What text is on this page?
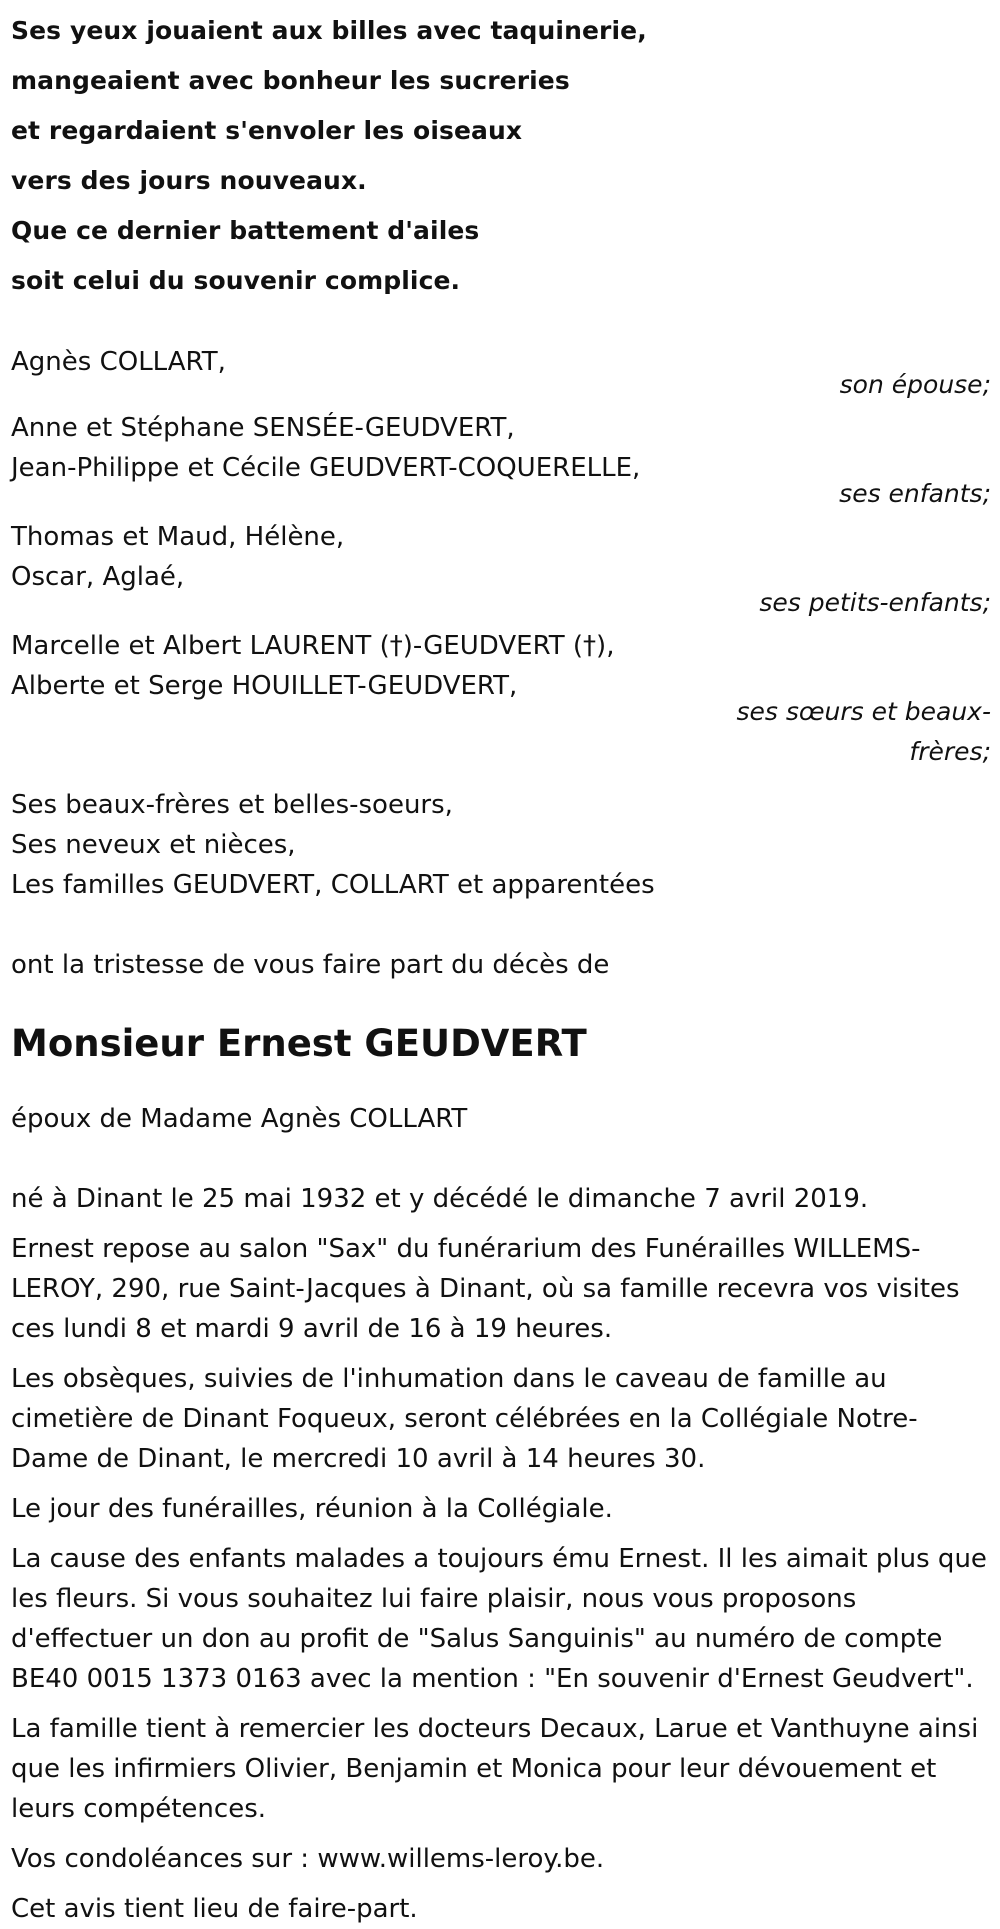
Ses yeux jouaient aux billes avec taquinerie,
mangeaient avec bonheur les sucreries
et regardaient s'envoler les oiseaux
vers des jours nouveaux.
Que ce dernier battement d'ailes
soit celui du souvenir complice.
Agnès COLLART,
son épouse;
Anne et Stéphane SENSÉE-GEUDVERT,
Jean-Philippe et Cécile GEUDVERT-COQUERELLE,
ses enfants;
Thomas et Maud, Hélène,
Oscar, Aglaé,
ses petits-enfants;
Marcelle et Albert LAURENT (†)-GEUDVERT (†),
Alberte et Serge HOUILLET-GEUDVERT,
ses sœurs et beaux-frères;
Ses beaux-frères et belles-soeurs,
Ses neveux et nièces,
Les familles GEUDVERT, COLLART et apparentées
ont la tristesse de vous faire part du décès de
Monsieur Ernest GEUDVERT
époux de Madame Agnès COLLART

né à Dinant le 25 mai 1932 et y décédé le dimanche 7 avril 2019.

Ernest repose au salon "Sax" du funérarium des Funérailles WILLEMS-LEROY, 290, rue Saint-Jacques à Dinant, où sa famille recevra vos visites ces lundi 8 et mardi 9 avril de 16 à 19 heures.

Les obsèques, suivies de l'inhumation dans le caveau de famille au cimetière de Dinant Foqueux, seront célébrées en la Collégiale Notre-Dame de Dinant, le mercredi 10 avril à 14 heures 30.

Le jour des funérailles, réunion à la Collégiale.

La cause des enfants malades a toujours ému Ernest. Il les aimait plus que les fleurs. Si vous souhaitez lui faire plaisir, nous vous proposons d'effectuer un don au profit de "Salus Sanguinis" au numéro de compte BE40 0015 1373 0163 avec la mention : "En souvenir d'Ernest Geudvert".

La famille tient à remercier les docteurs Decaux, Larue et Vanthuyne ainsi que les infirmiers Olivier, Benjamin et Monica pour leur dévouement et leurs compétences.

Vos condoléances sur : www.willems-leroy.be.

Cet avis tient lieu de faire-part.
